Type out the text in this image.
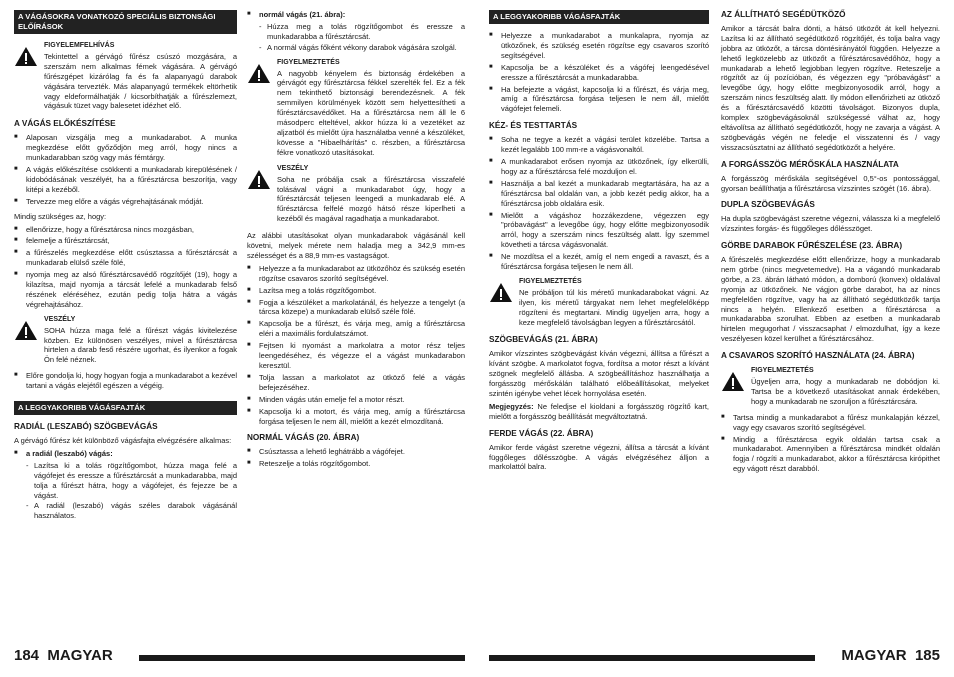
A VÁGÁSOKRA VONATKOZÓ SPECIÁLIS BIZTONSÁGI ELŐÍRÁSOK
FIGYELEMFELHÍVÁS

Tekintettel a gérvágó fűrész csúszó mozgására, a szerszám nem alkalmas fémek vágására. A gérvágó fűrészgépet kizárólag fa és fa alapanyagú darabok vágására tervezték. Más alapanyagú termékek eltörhetik vagy eldeformálhatják / kicsorbíthatják a fűrészlemezt, vágásuk tüzet vagy balesetet idézhet elő.

A VÁGÁS ELŐKÉSZÍTÉSE
■ Alaposan vizsgálja meg a munkadarabot. A munka megkezdése előtt győződjön meg arról, hogy nincs a munkadarabban szög vagy más fémtárgy.
■ A vágás előkészítése csökkenti a munkadarab kirepülésének / kidobódásának veszélyét, ha a fűrésztárcsa beszorítja, vagy kitépi a kezéből.
■ Tervezze meg előre a vágás végrehajtásának módját.

Mindig szükséges az, hogy:

■ ellenőrizze, hogy a fűrésztárcsa nincs mozgásban,
■ felemelje a fűrésztárcsát,
■ a fűrészelés megkezdése előtt csúsztassa a fűrésztárcsát a munkadarab elülső széle fölé,
■ nyomja meg az alsó fűrésztárcsavédő rögzítőjét (19), hogy a kilazítsa, majd nyomja a tárcsát lefelé a munkadarab felső részének eléréséhez, ezután pedig tolja hátra a vágás végrehajtásához.
VESZÉLY

SOHA húzza maga felé a fűrészt vágás kivitelezése közben. Ez különösen veszélyes, mivel a fűrésztárcsa hirtelen a darab feső részére ugorhat, és ilyenkor a fogak Ön felé néznek.

■ Előre gondolja ki, hogy hogyan fogja a munkadarabot a kezével tartani a vágás elejétől egészen a végéig.
A LEGGYAKORIBB VÁGÁSFAJTÁK
RADIÁL (LESZABÓ) SZÖGBEVÁGÁS

A gérvágó fűrész két különböző vágásfajta elvégzésére alkalmas:

■ a radiál (leszabó) vágás:
- Lazítsa ki a tolás rögzítőgombot, húzza maga felé a vágófejet és eressze a fűrésztárcsát a munkadarabba, majd tolja a fűrészt hátra, hogy a vágófejet, és fejezze be a vágást.
- A radiál (leszabó) vágás széles darabok vágásánál használatos.
■ normál vágás (21. ábra):
- Húzza meg a tolás rögzítőgombot és eressze a munkadarabba a fűrésztárcsát.
- A normál vágás főként vékony darabok vágására szolgál.
FIGYELMEZTETÉS

A nagyobb kényelem és biztonság érdekében a gérvágót egy fűrésztárcsa fékkel szerelték fel. Ez a fék nem tekinthető biztonsági berendezésnek. A fék semmilyen körülmények között sem helyettesítheti a fűrésztárcsavédőket. Ha a fűrésztárcsa nem áll le 6 másodperc elteltével, akkor húzza ki a vezetéket az aljzatból és mielőtt újra használatba venné a készüléket, kövesse a "Hibaelhárítás" c. részben, a fűrésztárcsa fékre vonatkozó utasításokat.

VESZÉLY

Soha ne próbálja csak a fűrésztárcsa visszafelé tolásával vágni a munkadarabot úgy, hogy a fűrésztárcsát teljesen leengedi a munkadarab elé. A fűrésztárcsa felfelé mozgó hátsó része kiperlheti a kezéből és magával ragadhatja a munkadarabot.

Az alábbi utasításokat olyan munkadarabok vágásánál kell követni, melyek mérete nem haladja meg a 342,9 mm-es szélességet és a 88,9 mm-es vastagságot.

■ Helyezze a fa munkadarabot az ütközőhöz és szükség esetén rögzítse csavaros szorító segítségével.
■ Lazítsa meg a tolás rögzítőgombot.
■ Fogja a készüléket a markolatánál, és helyezze a tengelyt (a tárcsa közepe) a munkadarab elülső széle fölé.
■ Kapcsolja be a fűrészt, és várja meg, amíg a fűrésztárcsa eléri a maximális fordulatszámot.
■ Fejtsen ki nyomást a markolatra a motor rész teljes leengedéséhez, és végezze el a vágást munkadarabon keresztül.
■ Tolja lassan a markolatot az ütköző felé a vágás befejezéséhez.
■ Minden vágás után emelje fel a motor részt.
■ Kapcsolja ki a motort, és várja meg, amíg a fűrésztárcsa forgása teljesen le nem áll, mielőtt a kezét elmozdítaná.
NORMÁL VÁGÁS (20. ÁBRA)
■ Csúsztassa a lehető leghátrább a vágófejet.
■ Reteszelje a tolás rögzítőgombot.
A LEGGYAKORIBB VÁGÁSFAJTÁK
■ Helyezze a munkadarabot a munkalapra, nyomja az ütközőnek, és szükség esetén rögzítse egy csavaros szorító segítségével.
■ Kapcsolja be a készüléket és a vágófej leengedésével eressze a fűrésztárcsát a munkadarabba.
■ Ha befejezte a vágást, kapcsolja ki a fűrészt, és várja meg, amíg a fűrésztárcsa forgása teljesen le nem áll, mielőtt vágófejet felemeli.
KÉZ- ÉS TESTTARTÁS
■ Soha ne tegye a kezét a vágási terület közelébe. Tartsa a kezét legalább 100 mm-re a vágásvonaltól.
■ A munkadarabot erősen nyomja az ütközőnek, így elkerülli, hogy az a fűrésztárcsa felé mozduljon el.
■ Használja a bal kezét a munkadarab megtartására, ha az a fűrésztárcsa bal oldalán van, a jobb kezét pedig akkor, ha a fűrésztárcsa jobb oldalára esik.
■ Mielőtt a vágáshoz hozzákezdene, végezzen egy "próbavágást" a levegőbe úgy, hogy előtte megbizonyosodik arról, hogy a szerszám nincs feszültség alatt. Így szemmel követheti a tárcsa vágásvonalát.
■ Ne mozdítsa el a kezét, amíg el nem engedi a ravaszt, és a fűrésztárcsa forgása teljesen le nem áll.
FIGYELMEZTETÉS

Ne próbáljon túl kis méretű munkadarabokat vágni. Az ilyen, kis méretű tárgyakat nem lehet megfelelőképp rögzíteni és megtartani. Mindig ügyeljen arra, hogy a keze megfelelő távolságban legyen a fűrésztárcsától.

SZÖGBEVÁGÁS (21. ÁBRA)

Amikor vízszintes szögbevágást kíván végezni, állítsa a fűrészt a kívánt szögbe. A markolatot fogva, fordítsa a motor részt a kívánt szögnek megfelelő állásba. A szögbeállításhoz használhatja a forgásszög mérőskálán található előbeállításokat, melyeket szintén igénybe vehet lécek hornyolása esetén.

Megjegyzés: Ne feledjse el kioldani a forgásszög rögzítő kart, mielőtt a forgásszög beállítását megváltoztatná.

FERDE VÁGÁS (22. ÁBRA)

Amikor ferde vágást szeretne végezni, állítsa a tárcsát a kívánt függőleges dőlésszögbe. A vágás elvégzéséhez álljon a markolattól balra.

AZ ÁLLÍTHATÓ SEGÉDÜTKÖZŐ

Amikor a tárcsát balra dönti, a hátsó ütközőt át kell helyezni. Lazítsa ki az állítható segédütköző rögzítőjét, és tolja balra vagy jobbra az ütközőt, a tárcsa döntésirányától függően. Helyezze a lehető legközelebb az ütközőt a fűrésztárcsavédőhöz, hogy a munkadarab a lehető legjobban legyen rögzítve. Reteszelje a rögzítőt az új pozícióban, és végezzen egy "próbavágást" a levegőbe úgy, hogy előtte megbizonyosodik arról, hogy a szerszám nincs feszültség alatt. Ily módon ellenőrizheti az ütköző és a fűrésztárcsavédő közötti távolságot. Bizonyos dupla, komplex szögbevágásoknál szükségessé válhat az, hogy eltávolítsa az állítható segédütközőt, hogy ne zavarja a vágást. A szögbevágás végén ne feledje el visszatenni és / vagy visszacsúsztatni az állítható segédütközőt a helyére.

A FORGÁSSZÖG MÉRŐSKÁLA HASZNÁLATA

A forgásszög mérőskála segítségével 0,5°-os pontossággal, gyorsan beállíthatja a fűrésztárcsa vízszintes szögét (16. ábra).

DUPLA SZÖGBEVÁGÁS

Ha dupla szögbevágást szeretne végezni, válassza ki a megfelelő vízszintes forgás- és függőleges dőlésszöget.

GÖRBE DARABOK FŰRÉSZELÉSE (23. ÁBRA)

A fűrészelés megkezdése előtt ellenőrizze, hogy a munkadarab nem görbe (nincs megvetemedve). Ha a vágandó munkadarab görbe, a 23. ábrán látható módon, a domború (konvex) oldalával nyomja az ütközőnek. Ne vágjon görbe darabot, ha az nincs megfelelően rögzítve, vagy ha az állítható segédütközők tartja nincs a helyén. Ellenkező esetben a fűrésztárcsa a munkadarabba szorulhat. Ebben az esetben a munkadarab hirtelen megugorhat / visszacsaphat / elmozdulhat, így a keze veszélyesen közel kerülhet a fűrésztárcsához.

A CSAVAROS SZORÍTÓ HASZNÁLATA (24. ÁBRA)
FIGYELMEZTETÉS

Ügyeljen arra, hogy a munkadarab ne dobódjon ki. Tartsa be a következő utasításokat annak érdekében, hogy a munkadarab ne szoruljon a fűrésztárcsára.

■ Tartsa mindig a munkadarabot a fűrész munkalapján kézzel, vagy egy csavaros szorító segítségével.
■ Mindig a fűrésztárcsa egyik oldalán tartsa csak a munkadarabot. Amennyiben a fűrésztárcsa mindkét oldalán fogja / rögzíti a munkadarabot, akkor a fűrésztárcsa kirópithet egy vágott részt darabból.
184 MAGYAR	MAGYAR 185
